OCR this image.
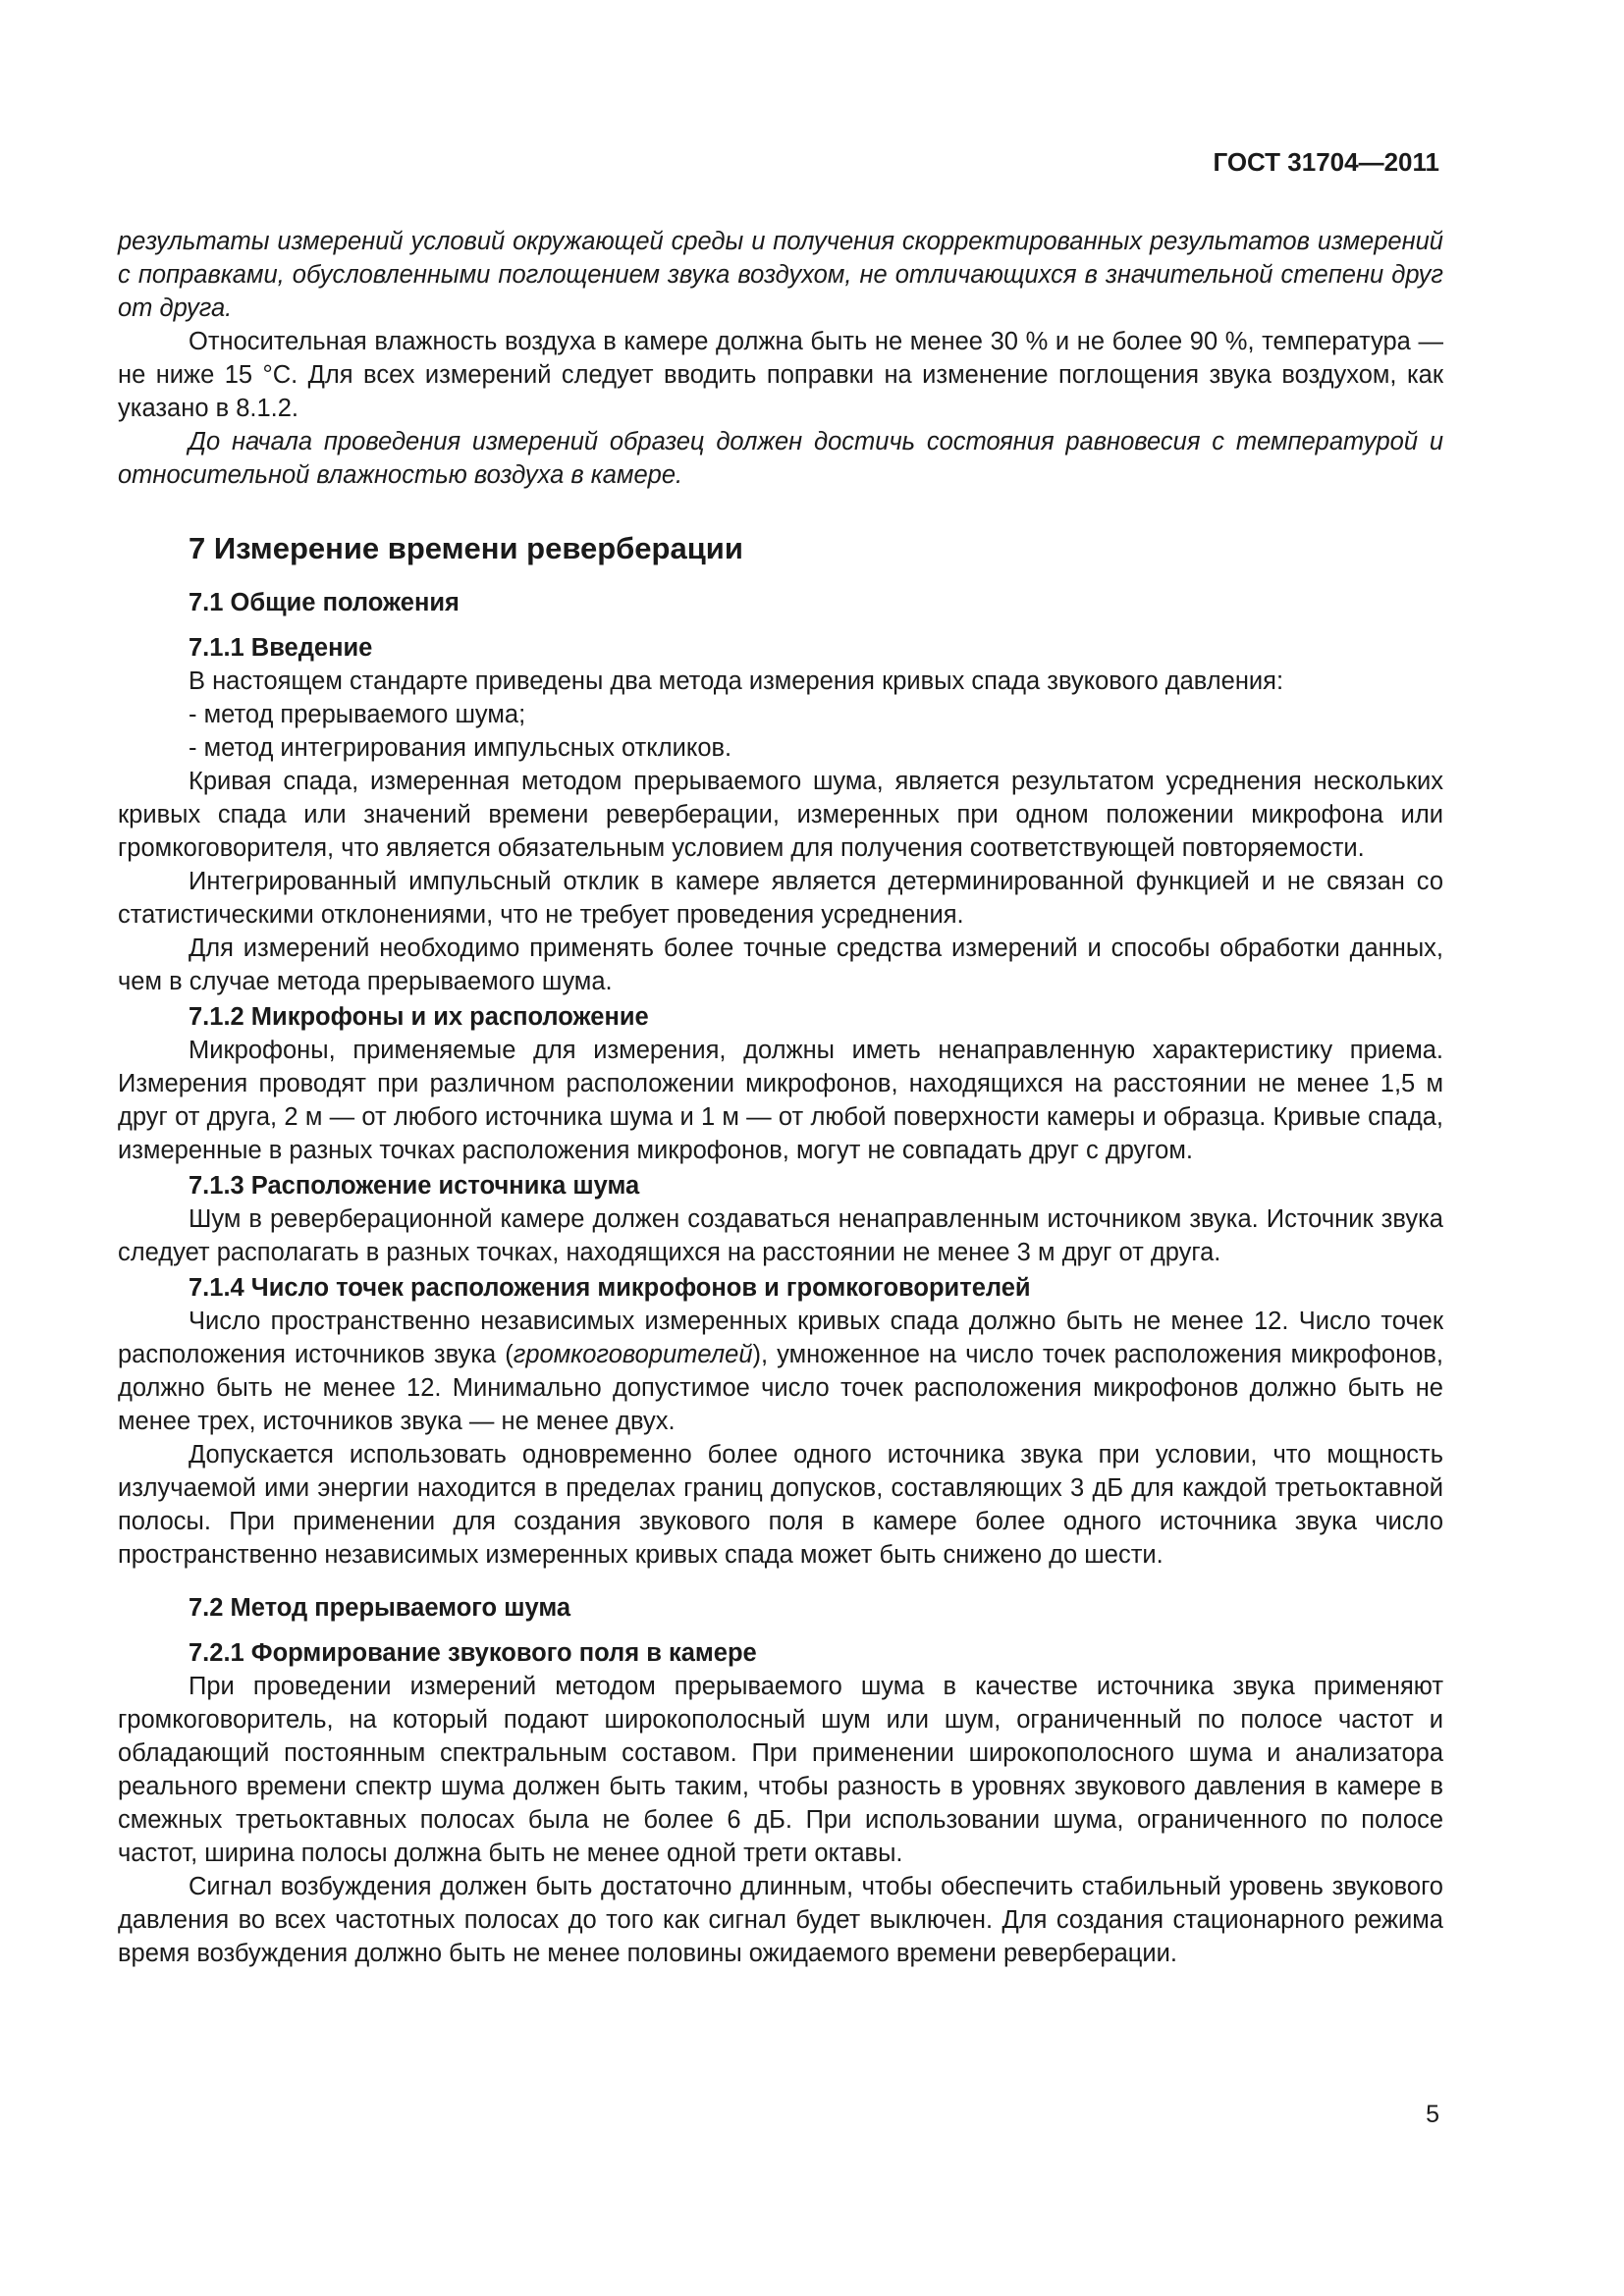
ГОСТ 31704—2011

результаты измерений условий окружающей среды и получения скорректированных результатов измерений с поправками, обусловленными поглощением звука воздухом, не отличающихся в значительной степени друг от друга.

Относительная влажность воздуха в камере должна быть не менее 30 % и не более 90 %, температура — не ниже 15 °С. Для всех измерений следует вводить поправки на изменение поглощения звука воздухом, как указано в 8.1.2.

До начала проведения измерений образец должен достичь состояния равновесия с температурой и относительной влажностью воздуха в камере.

7 Измерение времени реверберации
7.1 Общие положения
7.1.1 Введение

В настоящем стандарте приведены два метода измерения кривых спада звукового давления:

- метод прерываемого шума;

- метод интегрирования импульсных откликов.

Кривая спада, измеренная методом прерываемого шума, является результатом усреднения нескольких кривых спада или значений времени реверберации, измеренных при одном положении микрофона или громкоговорителя, что является обязательным условием для получения соответствующей повторяемости.

Интегрированный импульсный отклик в камере является детерминированной функцией и не связан со статистическими отклонениями, что не требует проведения усреднения.

Для измерений необходимо применять более точные средства измерений и способы обработки данных, чем в случае метода прерываемого шума.

7.1.2 Микрофоны и их расположение

Микрофоны, применяемые для измерения, должны иметь ненаправленную характеристику приема. Измерения проводят при различном расположении микрофонов, находящихся на расстоянии не менее 1,5 м друг от друга, 2 м — от любого источника шума и 1 м — от любой поверхности камеры и образца. Кривые спада, измеренные в разных точках расположения микрофонов, могут не совпадать друг с другом.

7.1.3 Расположение источника шума

Шум в реверберационной камере должен создаваться ненаправленным источником звука. Источник звука следует располагать в разных точках, находящихся на расстоянии не менее 3 м друг от друга.

7.1.4 Число точек расположения микрофонов и громкоговорителей

Число пространственно независимых измеренных кривых спада должно быть не менее 12. Число точек расположения источников звука (громкоговорителей), умноженное на число точек расположения микрофонов, должно быть не менее 12. Минимально допустимое число точек расположения микрофонов должно быть не менее трех, источников звука — не менее двух.

Допускается использовать одновременно более одного источника звука при условии, что мощность излучаемой ими энергии находится в пределах границ допусков, составляющих 3 дБ для каждой третьоктавной полосы. При применении для создания звукового поля в камере более одного источника звука число пространственно независимых измеренных кривых спада может быть снижено до шести.

7.2 Метод прерываемого шума
7.2.1 Формирование звукового поля в камере

При проведении измерений методом прерываемого шума в качестве источника звука применяют громкоговоритель, на который подают широкополосный шум или шум, ограниченный по полосе частот и обладающий постоянным спектральным составом. При применении широкополосного шума и анализатора реального времени спектр шума должен быть таким, чтобы разность в уровнях звукового давления в камере в смежных третьоктавных полосах была не более 6 дБ. При использовании шума, ограниченного по полосе частот, ширина полосы должна быть не менее одной трети октавы.

Сигнал возбуждения должен быть достаточно длинным, чтобы обеспечить стабильный уровень звукового давления во всех частотных полосах до того как сигнал будет выключен. Для создания стационарного режима время возбуждения должно быть не менее половины ожидаемого времени реверберации.

5
